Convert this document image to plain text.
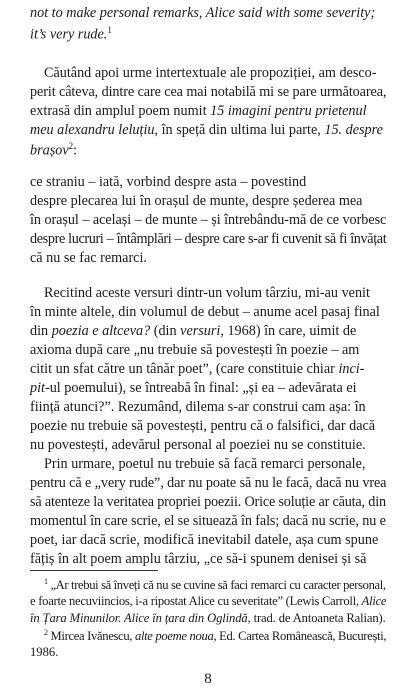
not to make personal remarks, Alice said with some severity;
it’s very rude.$^1$
Căutând apoi urme intertextuale ale propoziției, am desco-
perit câteva, dintre care cea mai notabilă mi se pare următoarea,
extrasă din amplul poem numit 15 imagini pentru prietenul
meu alexandru leluțiu, în speță din ultima lui parte, 15. despre
brașov$^2$:
ce straniu – iată, vorbind despre asta – povestind
despre plecarea lui în orașul de munte, despre șederea mea
în orașul – același – de munte – și întrebându-mă de ce vorbesc
despre lucruri – întâmplări – despre care s-ar fi cuvenit să fi învățat
că nu se fac remarci.
Recitind aceste versuri dintr-un volum târziu, mi-au venit
în minte altele, din volumul de debut – anume acel pasaj final
din poezia e altceva? (din versuri, 1968) în care, uimit de
axioma după care „nu trebuie să povestești în poezie – am
citit un sfat către un tânăr poet”, (care constituie chiar inci-
pit-ul poemului), se întreabă în final: „și ea – adevărata ei
ființă atunci?”. Rezumând, dilema s-ar construi cam așa: în
poezie nu trebuie să povestești, pentru că o falsifici, dar dacă
nu povestești, adevărul personal al poeziei nu se constituie.
Prin urmare, poetul nu trebuie să facă remarci personale,
pentru că e „very rude”, dar nu poate să nu le facă, dacă nu vrea
să atenteze la veritatea propriei poezii. Orice soluție ar căuta, din
momentul în care scrie, el se situează în fals; dacă nu scrie, nu e
poet, iar dacă scrie, modifică inevitabil datele, așa cum spune
fățiș în alt poem amplu târziu, „ce să-i spunem denisei și să
$^1$ „Ar trebui să înveți că nu se cuvine să faci remarci cu caracter personal,
e foarte necuviincios, i-a ripostat Alice cu severitate” (Lewis Carroll, Alice
în Țara Minunilor. Alice în țara din Oglindă, trad. de Antoaneta Ralian).
$^2$ Mircea Ivănescu, alte poeme noua, Ed. Cartea Românească, București,
1986.
8
